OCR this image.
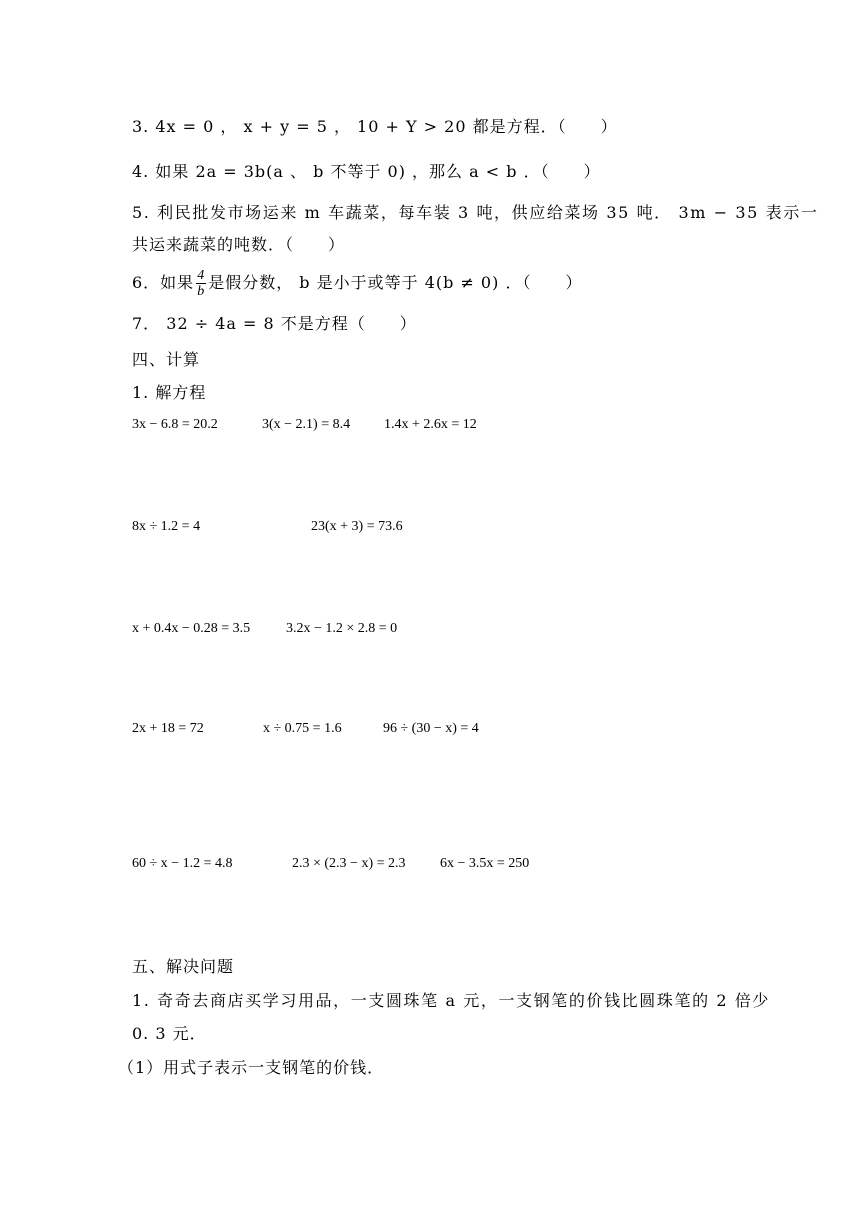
3. 4x = 0 ， x + y = 5 ， 10 + Y > 20 都是方程．（　　）
4. 如果 2a = 3b(a 、 b 不等于 0) ，那么 a < b ．（　　）
5. 利民批发市场运来 m 车蔬菜，每车装 3 吨，供应给菜场 35 吨． 3m − 35 表示一
共运来蔬菜的吨数．（　　）
6．如果 $\frac{4}{b}$ 是假分数， b 是小于或等于 4(b ≠ 0) ．（　　）
7． 32 ÷ 4a = 8 不是方程（　　）
四、计算
1. 解方程
3x − 6.8 = 20.2	3(x − 2.1) = 8.4 1.4x + 2.6x = 12
8x ÷ 1.2 = 4	23(x + 3) = 73.6
x + 0.4x − 0.28 = 3.5	3.2x − 1.2 × 2.8 = 0
2x + 18 = 72	x ÷ 0.75 = 1.6	96 ÷ (30 − x) = 4
60 ÷ x − 1.2 = 4.8	2.3 × (2.3 − x) = 2.3 6x − 3.5x = 250
五、解决问题
1. 奇奇去商店买学习用品，一支圆珠笔 a 元，一支钢笔的价钱比圆珠笔的 2 倍少
0. 3 元．
（1）用式子表示一支钢笔的价钱．
